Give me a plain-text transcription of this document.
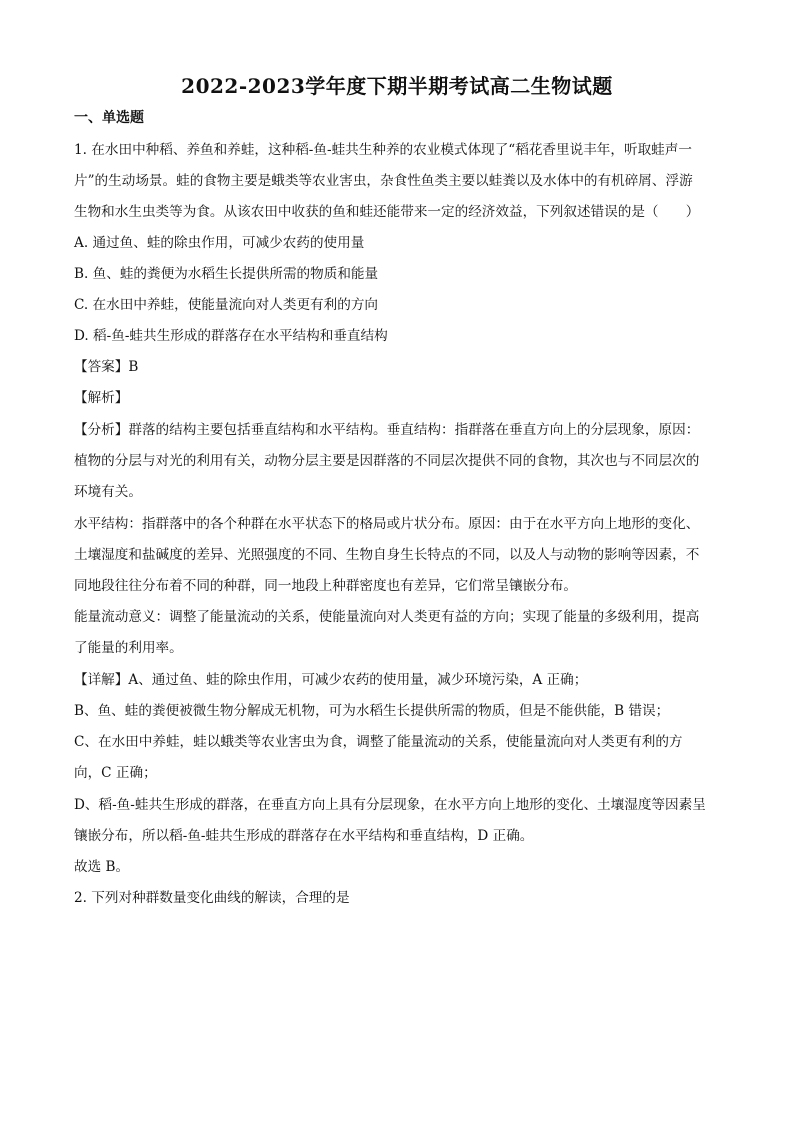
2022-2023学年度下期半期考试高二生物试题
一、单选题
1. 在水田中种稻、养鱼和养蛙，这种稻-鱼-蛙共生种养的农业模式体现了“稻花香里说丰年，听取蛙声一
片”的生动场景。蛙的食物主要是蛾类等农业害虫，杂食性鱼类主要以蛙粪以及水体中的有机碎屑、浮游
生物和水生虫类等为食。从该农田中收获的鱼和蛙还能带来一定的经济效益，下列叙述错误的是（　　）
A. 通过鱼、蛙的除虫作用，可减少农药的使用量
B. 鱼、蛙的粪便为水稻生长提供所需的物质和能量
C. 在水田中养蛙，使能量流向对人类更有利的方向
D. 稻-鱼-蛙共生形成的群落存在水平结构和垂直结构
【答案】B
【解析】
【分析】群落的结构主要包括垂直结构和水平结构。垂直结构：指群落在垂直方向上的分层现象，原因：
植物的分层与对光的利用有关，动物分层主要是因群落的不同层次提供不同的食物，其次也与不同层次的
环境有关。
水平结构：指群落中的各个种群在水平状态下的格局或片状分布。原因：由于在水平方向上地形的变化、
土壤湿度和盐碱度的差异、光照强度的不同、生物自身生长特点的不同，以及人与动物的影响等因素，不
同地段往往分布着不同的种群，同一地段上种群密度也有差异，它们常呈镶嵌分布。
能量流动意义：调整了能量流动的关系，使能量流向对人类更有益的方向；实现了能量的多级利用，提高
了能量的利用率。
【详解】A、通过鱼、蛙的除虫作用，可减少农药的使用量，减少环境污染，A 正确；
B、鱼、蛙的粪便被微生物分解成无机物，可为水稻生长提供所需的物质，但是不能供能，B 错误；
C、在水田中养蛙，蛙以蛾类等农业害虫为食，调整了能量流动的关系，使能量流向对人类更有利的方
向，C 正确；
D、稻-鱼-蛙共生形成的群落，在垂直方向上具有分层现象，在水平方向上地形的变化、土壤湿度等因素呈
镶嵌分布，所以稻-鱼-蛙共生形成的群落存在水平结构和垂直结构，D 正确。
故选 B。
2. 下列对种群数量变化曲线的解读，合理的是
